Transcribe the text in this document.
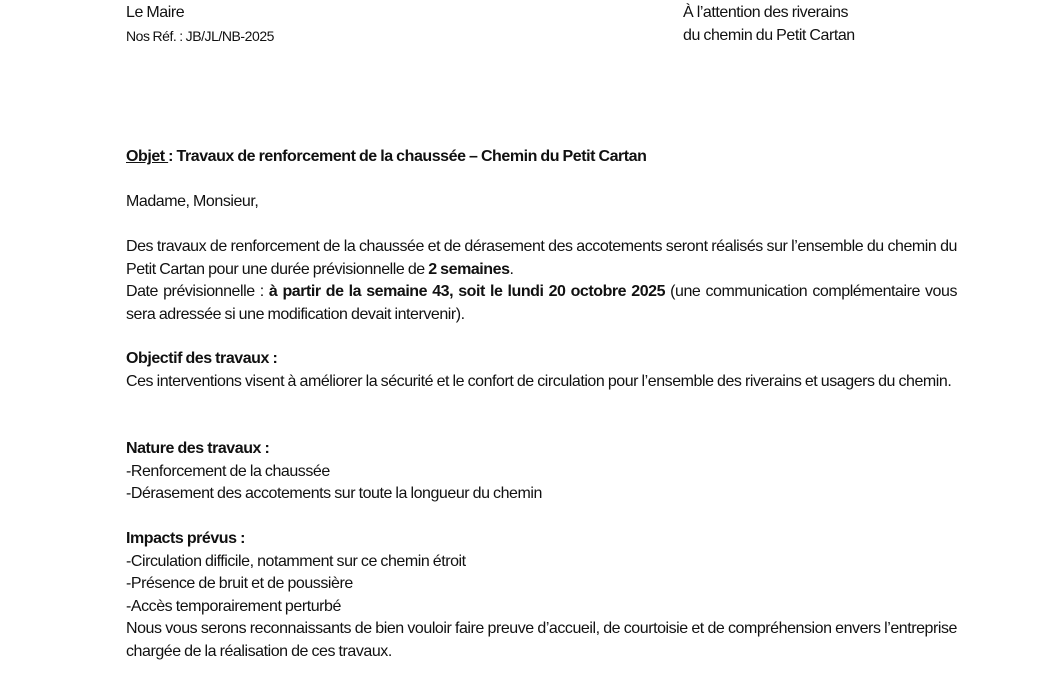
Le Maire
Nos Réf. : JB/JL/NB-2025
À l’attention des riverains
du chemin du Petit Cartan
Objet : Travaux de renforcement de la chaussée – Chemin du Petit Cartan
Madame, Monsieur,
Des travaux de renforcement de la chaussée et de dérasement des accotements seront réalisés sur l’ensemble du chemin du Petit Cartan pour une durée prévisionnelle de 2 semaines.
Date prévisionnelle : à partir de la semaine 43, soit le lundi 20 octobre 2025 (une communication complémentaire vous sera adressée si une modification devait intervenir).
Objectif des travaux :
Ces interventions visent à améliorer la sécurité et le confort de circulation pour l’ensemble des riverains et usagers du chemin.
Nature des travaux :
-Renforcement de la chaussée
-Dérasement des accotements sur toute la longueur du chemin
Impacts prévus :
-Circulation difficile, notamment sur ce chemin étroit
-Présence de bruit et de poussière
-Accès temporairement perturbé
Nous vous serons reconnaissants de bien vouloir faire preuve d’accueil, de courtoisie et de compréhension envers l’entreprise chargée de la réalisation de ces travaux.
